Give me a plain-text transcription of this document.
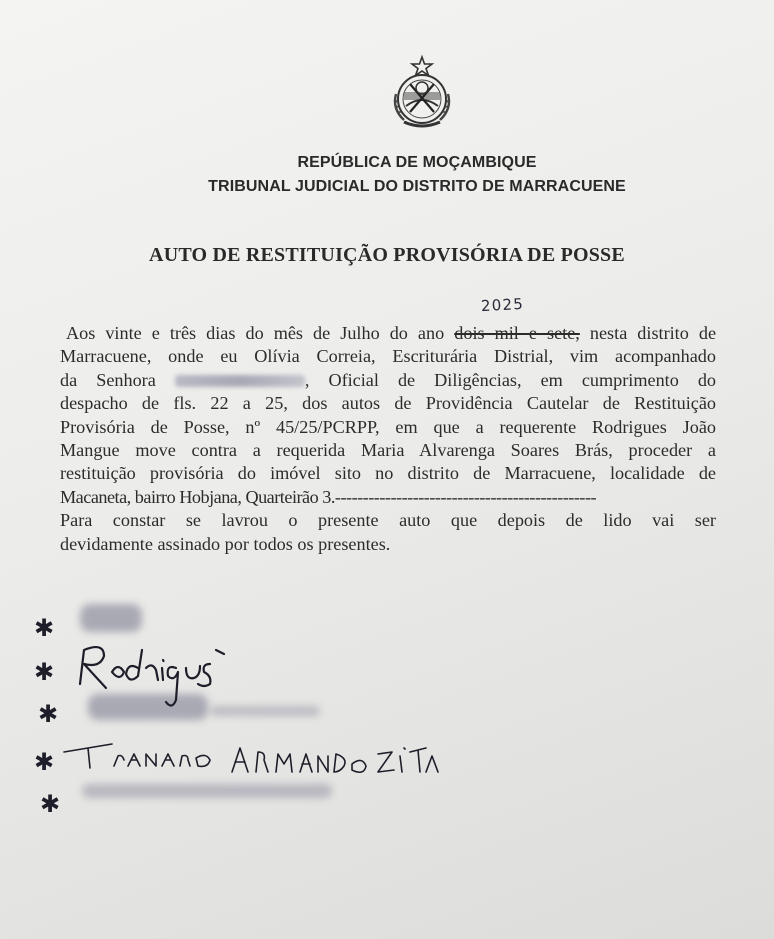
REPÚBLICA DE MOÇAMBIQUE
TRIBUNAL JUDICIAL DO DISTRITO DE MARRACUENE
AUTO DE RESTITUIÇÃO PROVISÓRIA DE POSSE
2025
Aos vinte e três dias do mês de Julho do ano dois mil e sete, nesta distrito de
Marracuene, onde eu Olívia Correia, Escriturária Distrial, vim acompanhado
da Senhora	, Oficial de Diligências, em cumprimento do
despacho de fls. 22 a 25, dos autos de Providência Cautelar de Restituição
Provisória de Posse, nº 45/25/PCRPP, em que a requerente Rodrigues João
Mangue move contra a requerida Maria Alvarenga Soares Brás, proceder a
restituição provisória do imóvel sito no distrito de Marracuene, localidade de
Macaneta, bairro Hobjana, Quarteirão 3.-----------------------------------------------
Para constar se lavrou o presente auto que depois de lido vai ser
devidamente assinado por todos os presentes.
✱
✱
✱
✱
✱
